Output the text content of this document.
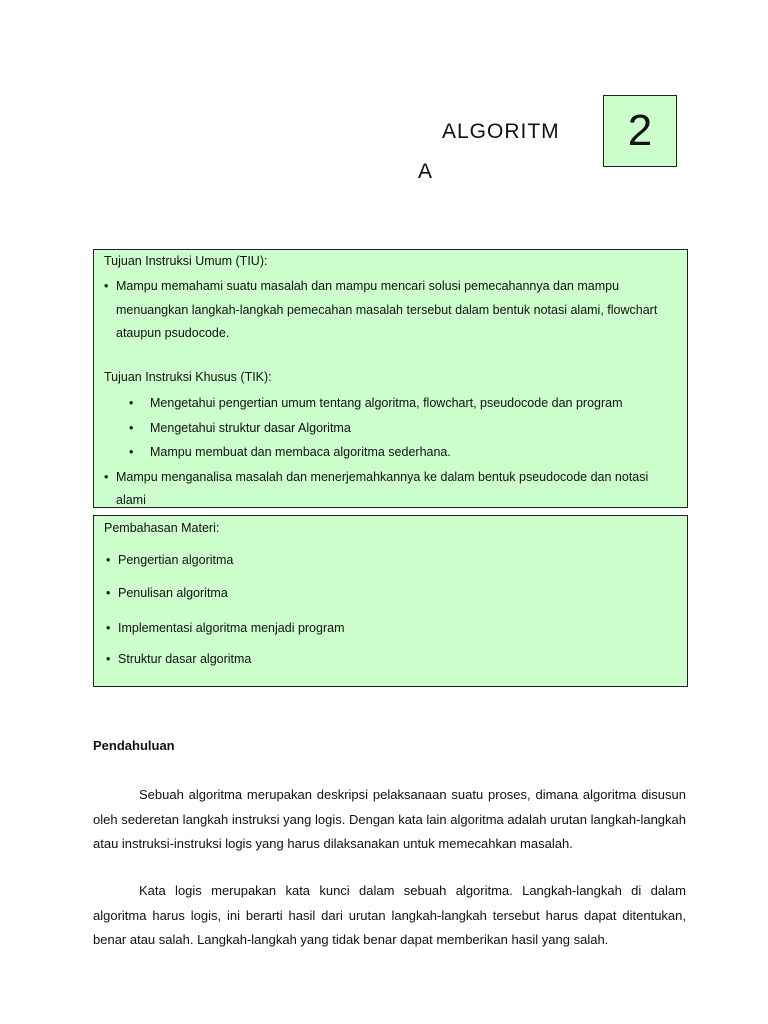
ALGORITM
A
2
Tujuan Instruksi Umum (TIU):
• Mampu memahami suatu masalah dan mampu mencari solusi pemecahannya dan mampu
menuangkan langkah-langkah pemecahan masalah tersebut dalam bentuk notasi alami, flowchart
ataupun psudocode.
Tujuan Instruksi Khusus (TIK):
• Mengetahui pengertian umum tentang algoritma, flowchart, pseudocode dan program
• Mengetahui struktur dasar Algoritma
• Mampu membuat dan membaca algoritma sederhana.
• Mampu menganalisa masalah dan menerjemahkannya ke dalam bentuk pseudocode dan notasi
alami
Pembahasan Materi:
• Pengertian algoritma
• Penulisan algoritma
• Implementasi algoritma menjadi program
• Struktur dasar algoritma
Pendahuluan
Sebuah algoritma merupakan deskripsi pelaksanaan suatu proses, dimana algoritma disusun oleh sederetan langkah instruksi yang logis. Dengan kata lain algoritma adalah urutan langkah-langkah atau instruksi-instruksi logis yang harus dilaksanakan untuk memecahkan masalah.
Kata logis merupakan kata kunci dalam sebuah algoritma. Langkah-langkah di dalam algoritma harus logis, ini berarti hasil dari urutan langkah-langkah tersebut harus dapat ditentukan, benar atau salah. Langkah-langkah yang tidak benar dapat memberikan hasil yang salah.
